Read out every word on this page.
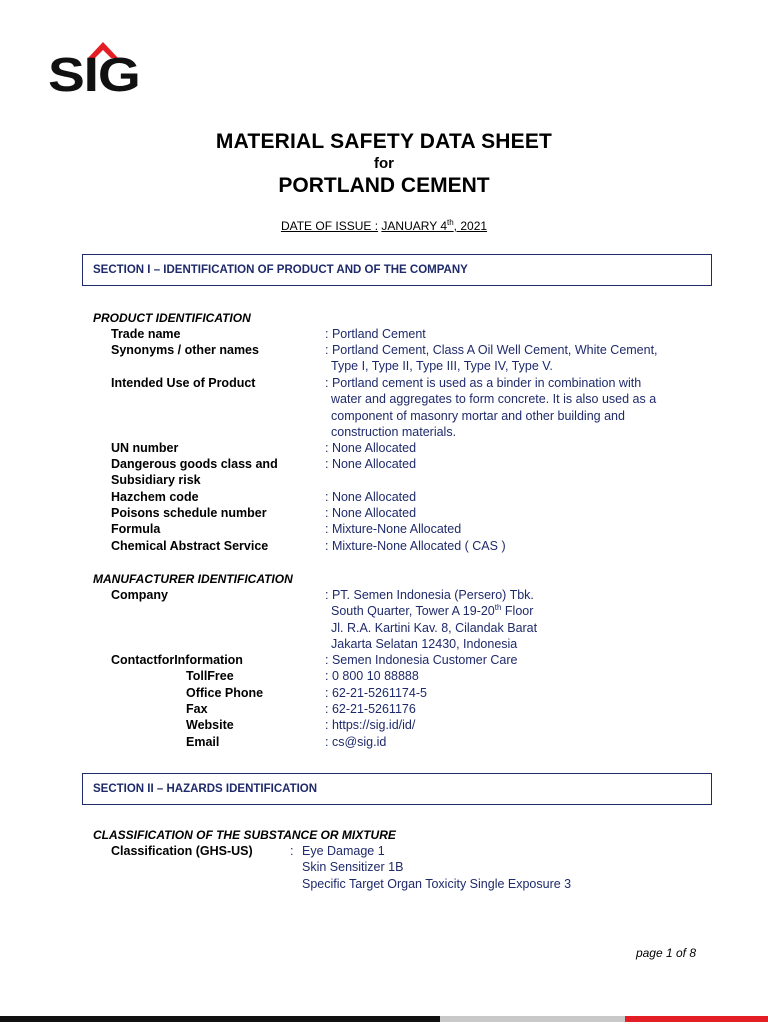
SIG
MATERIAL SAFETY DATA SHEET
for
PORTLAND CEMENT
DATE OF ISSUE : JANUARY 4th, 2021
SECTION I – IDENTIFICATION OF PRODUCT AND OF THE COMPANY
PRODUCT IDENTIFICATION
Trade name	: Portland Cement
Synonyms / other names	: Portland Cement, Class A Oil Well Cement, White Cement,
Type I, Type II, Type III, Type IV, Type V.
Intended Use of Product	: Portland cement is used as a binder in combination with
water and aggregates to form concrete. It is also used as a
component of masonry mortar and other building and
construction materials.
UN number	: None Allocated
Dangerous goods class and
Subsidiary risk
: None Allocated
Hazchem code	: None Allocated
Poisons schedule number	: None Allocated
Formula	: Mixture-None Allocated
Chemical Abstract Service	: Mixture-None Allocated ( CAS )
MANUFACTURER IDENTIFICATION
Company	: PT. Semen Indonesia (Persero) Tbk.
South Quarter, Tower A 19-20th Floor
Jl. R.A. Kartini Kav. 8, Cilandak Barat
Jakarta Selatan 12430, Indonesia
ContactforInformation	: Semen Indonesia Customer Care
TollFree	: 0 800 10 88888
Office Phone	: 62-21-5261174-5
Fax	: 62-21-5261176
Website	: https://sig.id/id/
Email	: cs@sig.id
SECTION II – HAZARDS IDENTIFICATION
CLASSIFICATION OF THE SUBSTANCE OR MIXTURE
Classification (GHS-US)	: Eye Damage 1
Skin Sensitizer 1B
Specific Target Organ Toxicity Single Exposure 3
page 1 of 8
